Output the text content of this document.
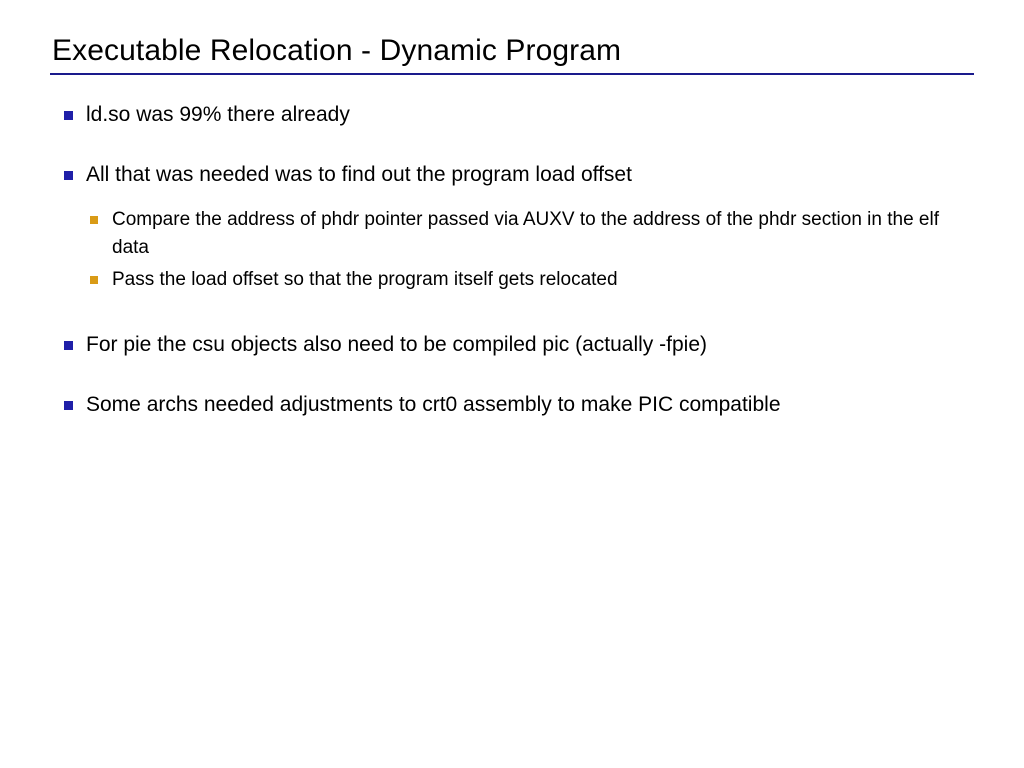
Executable Relocation - Dynamic Program
ld.so was 99% there already
All that was needed was to find out the program load offset
Compare the address of phdr pointer passed via AUXV to the address of the phdr section in the elf data
Pass the load offset so that the program itself gets relocated
For pie the csu objects also need to be compiled pic (actually -fpie)
Some archs needed adjustments to crt0 assembly to make PIC compatible
